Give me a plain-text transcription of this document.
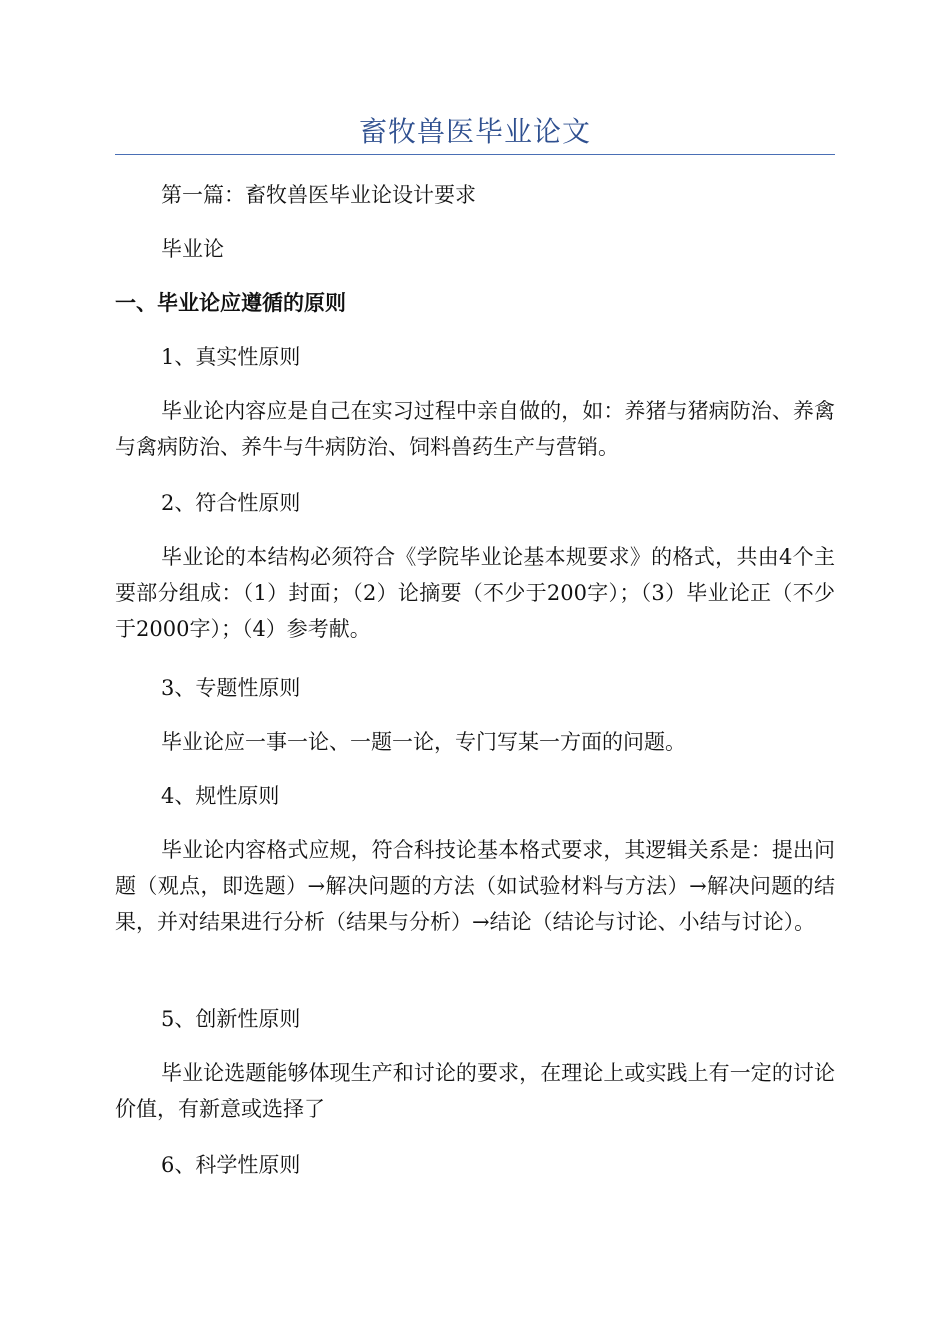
畜牧兽医毕业论文

第一篇：畜牧兽医毕业论设计要求

毕业论

一、毕业论应遵循的原则

1、真实性原则

毕业论内容应是自己在实习过程中亲自做的，如：养猪与猪病防治、养禽与禽病防治、养牛与牛病防治、饲料兽药生产与营销。

2、符合性原则

毕业论的本结构必须符合《学院毕业论基本规要求》的格式，共由4个主要部分组成：（1）封面；（2）论摘要（不少于200字）；（3）毕业论正（不少于2000字）；（4）参考献。

3、专题性原则

毕业论应一事一论、一题一论，专门写某一方面的问题。

4、规性原则

毕业论内容格式应规，符合科技论基本格式要求，其逻辑关系是：提出问题（观点，即选题）→解决问题的方法（如试验材料与方法）→解决问题的结果，并对结果进行分析（结果与分析）→结论（结论与讨论、小结与讨论）。

5、创新性原则

毕业论选题能够体现生产和讨论的要求，在理论上或实践上有一定的讨论价值，有新意或选择了

6、科学性原则
